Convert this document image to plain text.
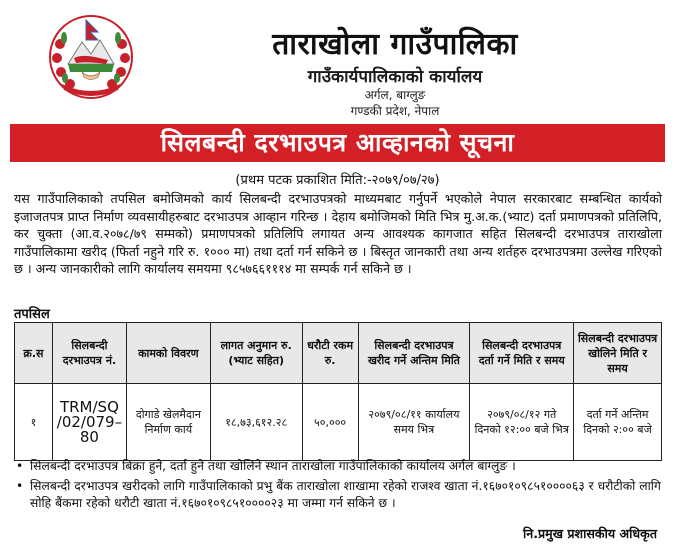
ताराखोला गाउँपालिका
गाउँकार्यपालिकाको कार्यालय
अर्गल, बाग्लुङ
गण्डकी प्रदेश, नेपाल
सिलबन्दी दरभाउपत्र आव्हानको सूचना
(प्रथम पटक प्रकाशित मिति:-२०७९/०७/२७)
यस गाउँपालिकाको तपसिल बमोजिमको कार्य सिलबन्दी दरभाउपत्रको माध्यमबाट गर्नुपर्ने भएकोले नेपाल सरकारबाट सम्बन्धित कार्यको इजाजतपत्र प्राप्त निर्माण व्यवसायीहरुबाट दरभाउपत्र आव्हान गरिन्छ । देहाय बमोजिमको मिति भित्र मु.अ.क.(भ्याट) दर्ता प्रमाणपत्रको प्रतिलिपि, कर चुक्ता (आ.व.२०७८/७९ सम्मको) प्रमाणपत्रको प्रतिलिपि लगायत अन्य आवश्यक कागजात सहित सिलबन्दी दरभाउपत्र ताराखोला गाउँपालिकामा खरीद (फिर्ता नहुने गरि रु. १००० मा) तथा दर्ता गर्न सकिने छ । बिस्तृत जानकारी तथा अन्य शर्तहरु दरभाउपत्रमा उल्लेख गरिएको छ । अन्य जानकारीको लागि कार्यालय समयमा ९८५७६६१११४ मा सम्पर्क गर्न सकिने छ ।
तपसिल
क्र.स	सिलबन्दी दरभाउपत्र नं.	कामको विवरण	लागत अनुमान रु. (भ्याट सहित)	धरौटी रकम रु.	सिलबन्दी दरभाउपत्र खरीद गर्ने अन्तिम मिति	सिलबन्दी दरभाउपत्र दर्ता गर्ने मिति र समय	सिलबन्दी दरभाउपत्र खोलिने मिति र समय
१	TRM/SQ /02/079– 80	दोगाडे खेलमैदान निर्माण कार्य	१८,७३,६१२.२८	५०,०००	२०७९/०८/११ कार्यालय समय भित्र	२०७९/०८/१२ गते दिनको १२:०० बजे भित्र	दर्ता गर्ने अन्तिम दिनको २:०० बजे
• सिलबन्दी दरभाउपत्र बिक्रा हुने, दर्ता हुने तथा खोलिने स्थान ताराखोला गाउँपालिकाको कार्यालय अर्गल बाग्लुङ ।
• सिलबन्दी दरभाउपत्र खरीदको लागि गाउँपालिकाको प्रभु बैंक ताराखोला शाखामा रहेको राजश्व खाता नं.१६७०१०९८५१००००६३ र धरौटीको लागि सोहि बैंकमा रहेको धरौटी खाता नं.१६७०१०९८५१००००२३ मा जम्मा गर्न सकिने छ ।
नि.प्रमुख प्रशासकीय अधिकृत
